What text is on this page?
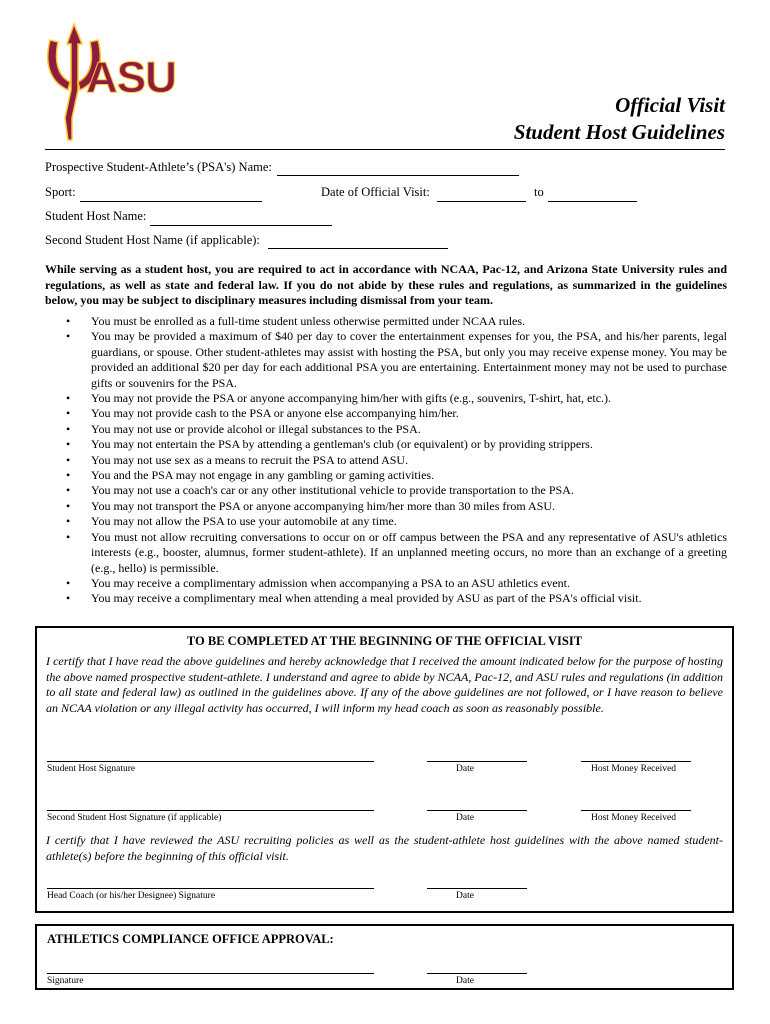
ASU
Official Visit
Student Host Guidelines
Prospective Student-Athlete’s (PSA's) Name:
Sport:	Date of Official Visit:	to
Student Host Name:
Second Student Host Name (if applicable):
While serving as a student host, you are required to act in accordance with NCAA, Pac-12, and Arizona State University rules and regulations, as well as state and federal law. If you do not abide by these rules and regulations, as summarized in the guidelines below, you may be subject to disciplinary measures including dismissal from your team.
• You must be enrolled as a full-time student unless otherwise permitted under NCAA rules.
• You may be provided a maximum of $40 per day to cover the entertainment expenses for you, the PSA, and his/her parents, legal guardians, or spouse. Other student-athletes may assist with hosting the PSA, but only you may receive expense money. You may be provided an additional $20 per day for each additional PSA you are entertaining. Entertainment money may not be used to purchase gifts or souvenirs for the PSA.
• You may not provide the PSA or anyone accompanying him/her with gifts (e.g., souvenirs, T-shirt, hat, etc.).
• You may not provide cash to the PSA or anyone else accompanying him/her.
• You may not use or provide alcohol or illegal substances to the PSA.
• You may not entertain the PSA by attending a gentleman's club (or equivalent) or by providing strippers.
• You may not use sex as a means to recruit the PSA to attend ASU.
• You and the PSA may not engage in any gambling or gaming activities.
• You may not use a coach's car or any other institutional vehicle to provide transportation to the PSA.
• You may not transport the PSA or anyone accompanying him/her more than 30 miles from ASU.
• You may not allow the PSA to use your automobile at any time.
• You must not allow recruiting conversations to occur on or off campus between the PSA and any representative of ASU's athletics interests (e.g., booster, alumnus, former student-athlete). If an unplanned meeting occurs, no more than an exchange of a greeting (e.g., hello) is permissible.
• You may receive a complimentary admission when accompanying a PSA to an ASU athletics event.
• You may receive a complimentary meal when attending a meal provided by ASU as part of the PSA's official visit.
TO BE COMPLETED AT THE BEGINNING OF THE OFFICIAL VISIT
I certify that I have read the above guidelines and hereby acknowledge that I received the amount indicated below for the purpose of hosting the above named prospective student-athlete. I understand and agree to abide by NCAA, Pac-12, and ASU rules and regulations (in addition to all state and federal law) as outlined in the guidelines above. If any of the above guidelines are not followed, or I have reason to believe an NCAA violation or any illegal activity has occurred, I will inform my head coach as soon as reasonably possible.
Student Host Signature	Date	Host Money Received
Second Student Host Signature (if applicable)	Date	Host Money Received
I certify that I have reviewed the ASU recruiting policies as well as the student-athlete host guidelines with the above named student-athlete(s) before the beginning of this official visit.
Head Coach (or his/her Designee) Signature	Date
ATHLETICS COMPLIANCE OFFICE APPROVAL:
Signature	Date
